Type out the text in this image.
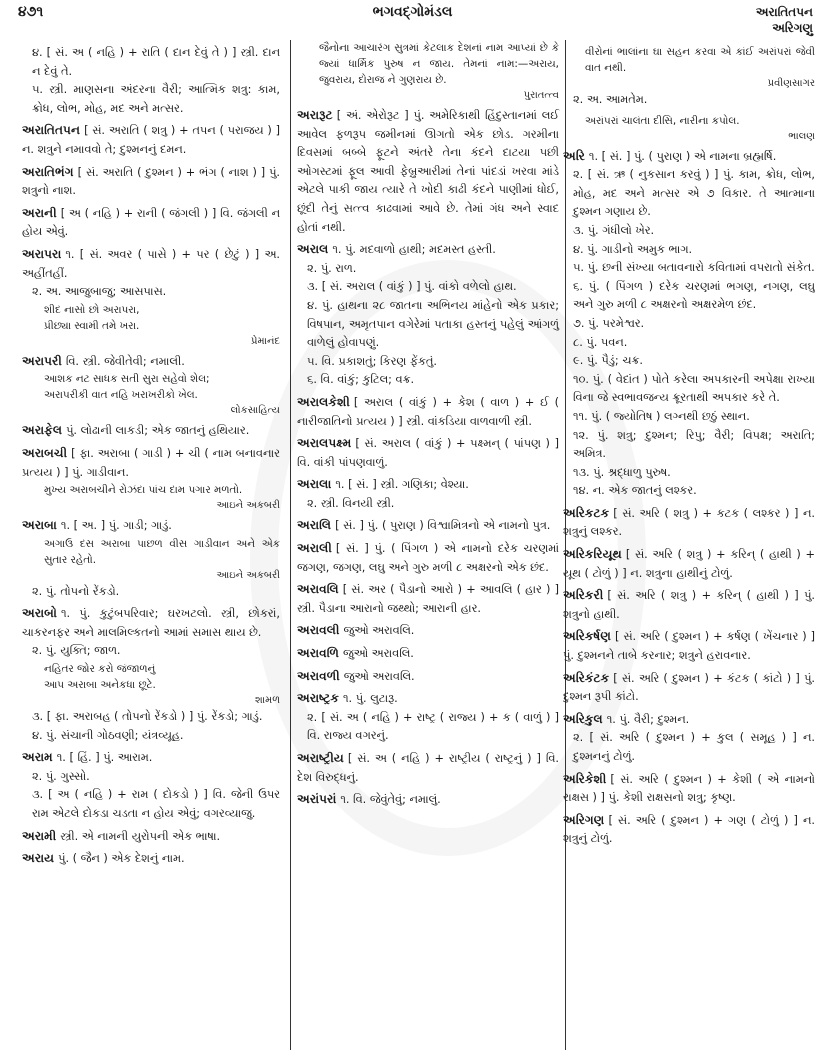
૪૭૧	ભગવદ્ગોમંડલ	અરાતિતપન
અરિગણુ
૪. [ સં. અ ( નહિ ) + રાતિ ( દાન દેવું તે ) ] સ્ત્રી. દાન ન દેવું તે.
૫. સ્ત્રી. માણસના અંદરના વૈરી; આત્મિક શત્રુ: કામ, ક્રોધ, લોભ, મોહ, મદ અને મત્સર.
અરાતિતપન [ સં. અરાતિ ( શત્રુ ) + તપન ( પરાજય ) ] ન. શત્રુને નમાવવો તે; દુશ્મનનું દમન.
અરાતિભંગ [ સં. અરાતિ ( દુશ્મન ) + ભંગ ( નાશ ) ] પું. શત્રુનો નાશ.
અરાની [ અ ( નહિ ) + રાની ( જંગલી ) ] વિ. જંગલી ન હોય એવું.
અરાપરા ૧. [ સં. અવર ( પાસે ) + પર ( છેટું ) ] અ. અહીંતહીં.
૨. અ. આજુબાજુ; આસપાસ.
શીદ નાસો છો અરાપરા,
પ્રીછ્યા સ્વામી તમે ખરા.
પ્રેમાનંદ
અરાપરી વિ. સ્ત્રી. જેવીતેવી; નમાલી.
આશક નટ સાધક સતી સુરા સહેવો શેલ;
અરાપરીકી વાત નહિ ખરાખરીકો ખેલ.
લોકસાહિત્ય
અરાફેલ પું. લોઢાની લાકડી; એક જાતનું હથિયાર.
અરાબચી [ ફા. અરાબા ( ગાડી ) + ચી ( નામ બનાવનાર પ્રત્યય ) ] પું. ગાડીવાન.
મુખ્ય અરાબચીને રોઝંદા પાંચ દામ પગાર મળતો.
આઇને અકબરી
અરાબા ૧. [ અ. ] પું. ગાડી; ગાડું.
અગાઉ દસ અરાબા પાછળ વીસ ગાડીવાન અને એક સુતાર રહેતો.
આઇને અકબરી
૨. પું. તોપનો રેંકડો.
અરાબો ૧. પું. કુટુંબપરિવાર; ઘરખટલો. સ્ત્રી, છોકરાં, ચાકરનફર અને માલમિલ્કતનો આમાં સમાસ થાય છે.
૨. પું. યુક્તિ; જાળ.
નહિતર જોર કરો જંજાળનું
આપ અરાબા અનેકધા છૂટે.
શામળ
૩. [ ફા. અરાબહ ( તોપનો રેંકડો ) ] પું. રેંકડો; ગાડું.
૪. પું. સંચાની ગોઠવણી; યંત્રવ્યૂહ.
અરામ ૧. [ હિં. ] પું. આરામ.
૨. પું. ગુસ્સો.
૩. [ અ ( નહિ ) + રામ ( દોકડો ) ] વિ. જેની ઉપર રામ એટલે દોકડા ચડતા ન હોય એવું; વગરવ્યાજુ.
અરામી સ્ત્રી. એ નામની યુરોપની એક ભાષા.
અરાય પું. ( જૈન ) એક દેશનું નામ.
જૈનોના આચારંગ સુત્રમાં કેટલાક દેશનાં નામ આપ્યાં છે કે જ્યાં ધાર્મિક પુરુષ ન જાય. તેમનાં નામ:—અરાય, જુવરાય, દોરાજ ને ગુણરાય છે.
પુરાતત્ત્વ
અરારૂટ [ અં. એરોરૂટ ] પું. અમેરિકાથી હિંદુસ્તાનમાં લઈ આવેલ ફળરૂપ જમીનમાં ઊગતો એક છોડ. ગરમીના દિવસમાં બબ્બે ફૂટને અંતરે તેના કંદને દાટયા પછી ઓગસ્ટમાં ફૂલ આવી ફેબ્રુઆરીમાં તેનાં પાંદડાં ખરવા માંડે એટલે પાકી જાય ત્યારે તે ખોદી કાઢી કંદને પાણીમાં ધોઈ, છૂંદી તેનું સત્ત્વ કાઢવામાં આવે છે. તેમાં ગંધ અને સ્વાદ હોતાં નથી.
અરાલ ૧. પું. મદવાળો હાથી; મદમસ્ત હસ્તી.
૨. પું. રાળ.
૩. [ સં. અરાલ ( વાંકું ) ] પું. વાંકો વળેલો હાથ.
૪. પું. હાથના ૨૮ જાતના અભિનય માંહેનો એક પ્રકાર; વિષપાન, અમૃતપાન વગેરેમાં પતાકા હસ્તનું પહેલું આંગળું વાળેલું હોવાપણું.
૫. વિ. પ્રકાશતું; કિરણ ફેંકતું.
૬. વિ. વાંકું; કુટિલ; વક્ર.
અરાલકેશી [ અરાલ ( વાંકું ) + કેશ ( વાળ ) + ઈ ( નારીજાતિનો પ્રત્યય ) ] સ્ત્રી. વાંકડિયા વાળવાળી સ્ત્રી.
અરાલપક્ષ્મ [ સં. અરાલ ( વાંકું ) + પક્ષ્મન્ ( પાંપણ ) ] વિ. વાંકી પાંપણવાળું.
અરાલા ૧. [ સં. ] સ્ત્રી. ગણિકા; વેશ્યા.
૨. સ્ત્રી. વિનયી સ્ત્રી.
અરાલિ [ સં. ] પું. ( પુરાણ ) વિશ્વામિત્રનો એ નામનો પુત્ર.
અરાલી [ સં. ] પું. ( પિંગળ ) એ નામનો દરેક ચરણમાં જગણ, જગણ, લઘુ અને ગુરુ મળી ૮ અક્ષરનો એક છંદ.
અરાવલિ [ સં. અર ( પૈડાનો આરો ) + આવલિ ( હાર ) ] સ્ત્રી. પૈડાના આરાનો જથ્થો; આરાની હાર.
અરાવલી જુઓ અરાવલિ.
અરાવળિ જુઓ અરાવલિ.
અરાવળી જુઓ અરાવલિ.
અરાષ્ટ્રક ૧. પું. લુટારૂ.
૨. [ સં. અ ( નહિ ) + રાષ્ટ્ર ( રાજ્ય ) + ક ( વાળું ) ] વિ. રાજ્ય વગરનું.
અરાષ્ટ્રીય [ સં. અ ( નહિ ) + રાષ્ટ્રીય ( રાષ્ટ્રનું ) ] વિ. દેશ વિરુદ્ધનું.
અરાંપરાં ૧. વિ. જેવુંતેવું; નમાલું.
વીરોનાં ભાલાંના ઘા સહન કરવા એ કાંઈ અરાંપરાં જેવી વાત નથી.
પ્રવીણસાગર
૨. અ. આમતેમ.
અરાંપરાં ચાલંતા દીસિ, નારીના કપોલ.
ભાલણ
અરિ ૧. [ સં. ] પું. ( પુરાણ ) એ નામના બ્રહ્મર્ષિ.
૨. [ સં. ઋ ( નુકસાન કરવું ) ] પું. કામ, ક્રોધ, લોભ, મોહ, મદ અને મત્સર એ ૭ વિકાર. તે આત્માના દુશ્મન ગણાય છે.
૩. પું. ગંધીલો ખેર.
૪. પું. ગાડીનો અમુક ભાગ.
૫. પું. છની સંખ્યા બતાવનારો કવિતામાં વપરાતો સંકેત.
૬. પું. ( પિંગળ ) દરેક ચરણમાં ભગણ, નગણ, લઘુ અને ગુરુ મળી ૮ અક્ષરનો અક્ષરમેળ છંદ.
૭. પું. પરમેશ્વર.
૮. પું. પવન.
૯. પું. પૈડું; ચક્ર.
૧૦. પું. ( વેદાંત ) પોતે કરેલા અપકારની અપેક્ષા રાખ્યા વિના જે સ્વભાવજન્ય ક્રૂરતાથી અપકાર કરે તે.
૧૧. પું. ( જ્યોતિષ ) લગ્નથી છઠું સ્થાન.
૧૨. પું. શત્રુ; દુશ્મન; રિપુ; વૈરી; વિપક્ષ; અરાતિ; અમિત્ર.
૧૩. પું. શ્રદ્ધાળુ પુરુષ.
૧૪. ન. એક જાતનું લશ્કર.
અરિકટક [ સં. અરિ ( શત્રુ ) + કટક ( લશ્કર ) ] ન. શત્રુનું લશ્કર.
અરિકરિયૂથ [ સં. અરિ ( શત્રુ ) + કરિન્ ( હાથી ) + યૂથ ( ટોળું ) ] ન. શત્રુના હાથીનું ટોળું.
અરિકરી [ સં. અરિ ( શત્રુ ) + કરિન્ ( હાથી ) ] પું. શત્રુનો હાથી.
અરિકર્ષણ [ સં. અરિ ( દુશ્મન ) + કર્ષણ ( ખેંચનાર ) ] પું. દુશ્મનને તાબે કરનાર; શત્રુને હરાવનાર.
અરિકંટક [ સં. અરિ ( દુશ્મન ) + કંટક ( કાંટો ) ] પું. દુશ્મન રૂપી કાંટો.
અરિકુલ ૧. પું. વૈરી; દુશ્મન.
૨. [ સં. અરિ ( દુશ્મન ) + કુલ ( સમૂહ ) ] ન. દુશ્મનનું ટોળું.
અરિકેશી [ સં. અરિ ( દુશ્મન ) + કેશી ( એ નામનો રાક્ષસ ) ] પું. કેશી રાક્ષસનો શત્રુ; કૃષ્ણ.
અરિગણ [ સં. અરિ ( દુશ્મન ) + ગણ ( ટોળું ) ] ન. શત્રુનું ટોળું.
